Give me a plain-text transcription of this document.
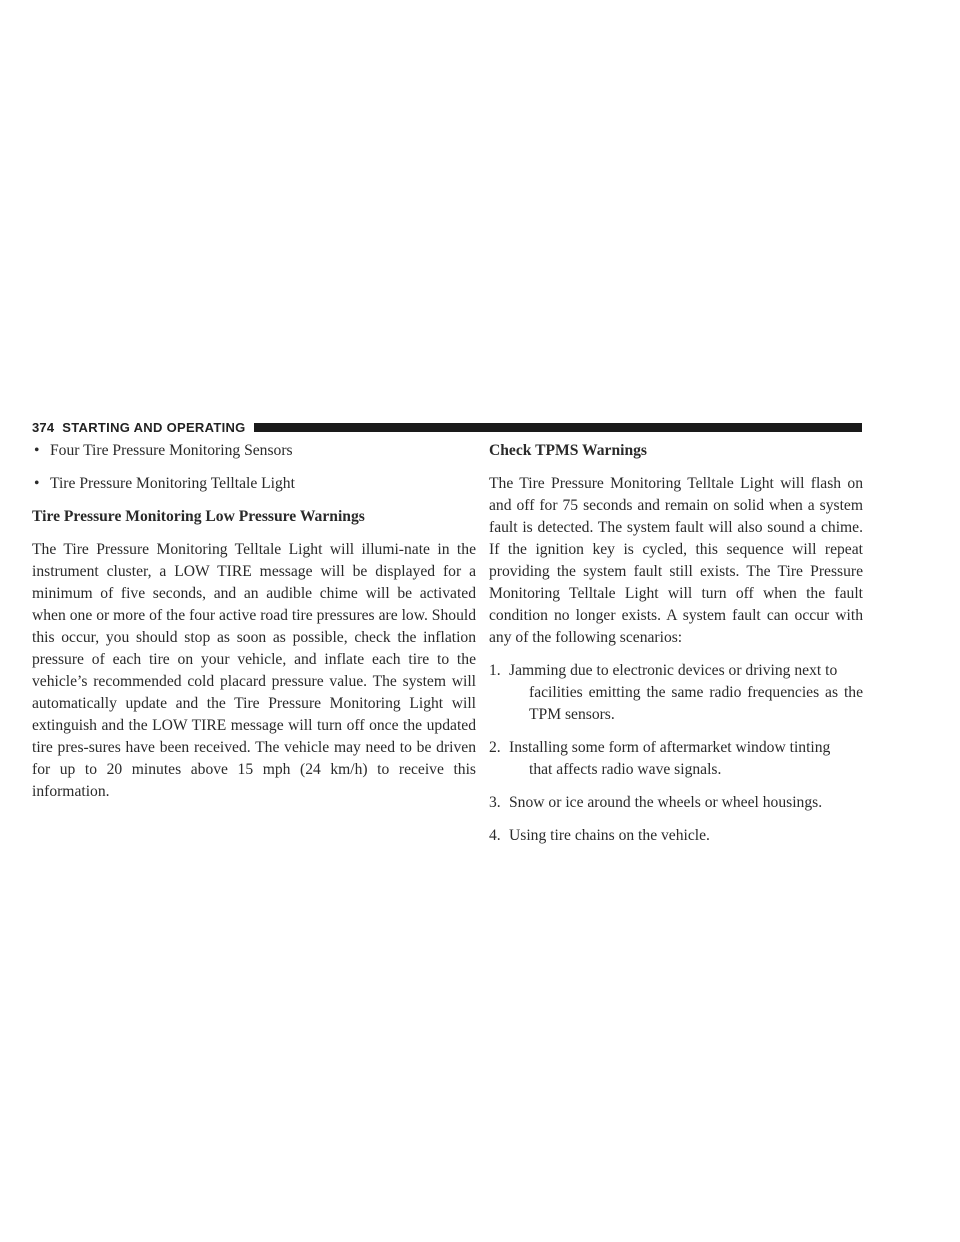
374 STARTING AND OPERATING
• Four Tire Pressure Monitoring Sensors
• Tire Pressure Monitoring Telltale Light
Tire Pressure Monitoring Low Pressure Warnings
The Tire Pressure Monitoring Telltale Light will illumi-nate in the instrument cluster, a LOW TIRE message will be displayed for a minimum of five seconds, and an audible chime will be activated when one or more of the four active road tire pressures are low. Should this occur, you should stop as soon as possible, check the inflation pressure of each tire on your vehicle, and inflate each tire to the vehicle’s recommended cold placard pressure value. The system will automatically update and the Tire Pressure Monitoring Light will extinguish and the LOW TIRE message will turn off once the updated tire pres-sures have been received. The vehicle may need to be driven for up to 20 minutes above 15 mph (24 km/h) to receive this information.
Check TPMS Warnings
The Tire Pressure Monitoring Telltale Light will flash on and off for 75 seconds and remain on solid when a system fault is detected. The system fault will also sound a chime. If the ignition key is cycled, this sequence will repeat providing the system fault still exists. The Tire Pressure Monitoring Telltale Light will turn off when the fault condition no longer exists. A system fault can occur with any of the following scenarios:
1. Jamming due to electronic devices or driving next to
facilities emitting the same radio frequencies as the TPM sensors.
2. Installing some form of aftermarket window tinting
that affects radio wave signals.
3. Snow or ice around the wheels or wheel housings.
4. Using tire chains on the vehicle.
